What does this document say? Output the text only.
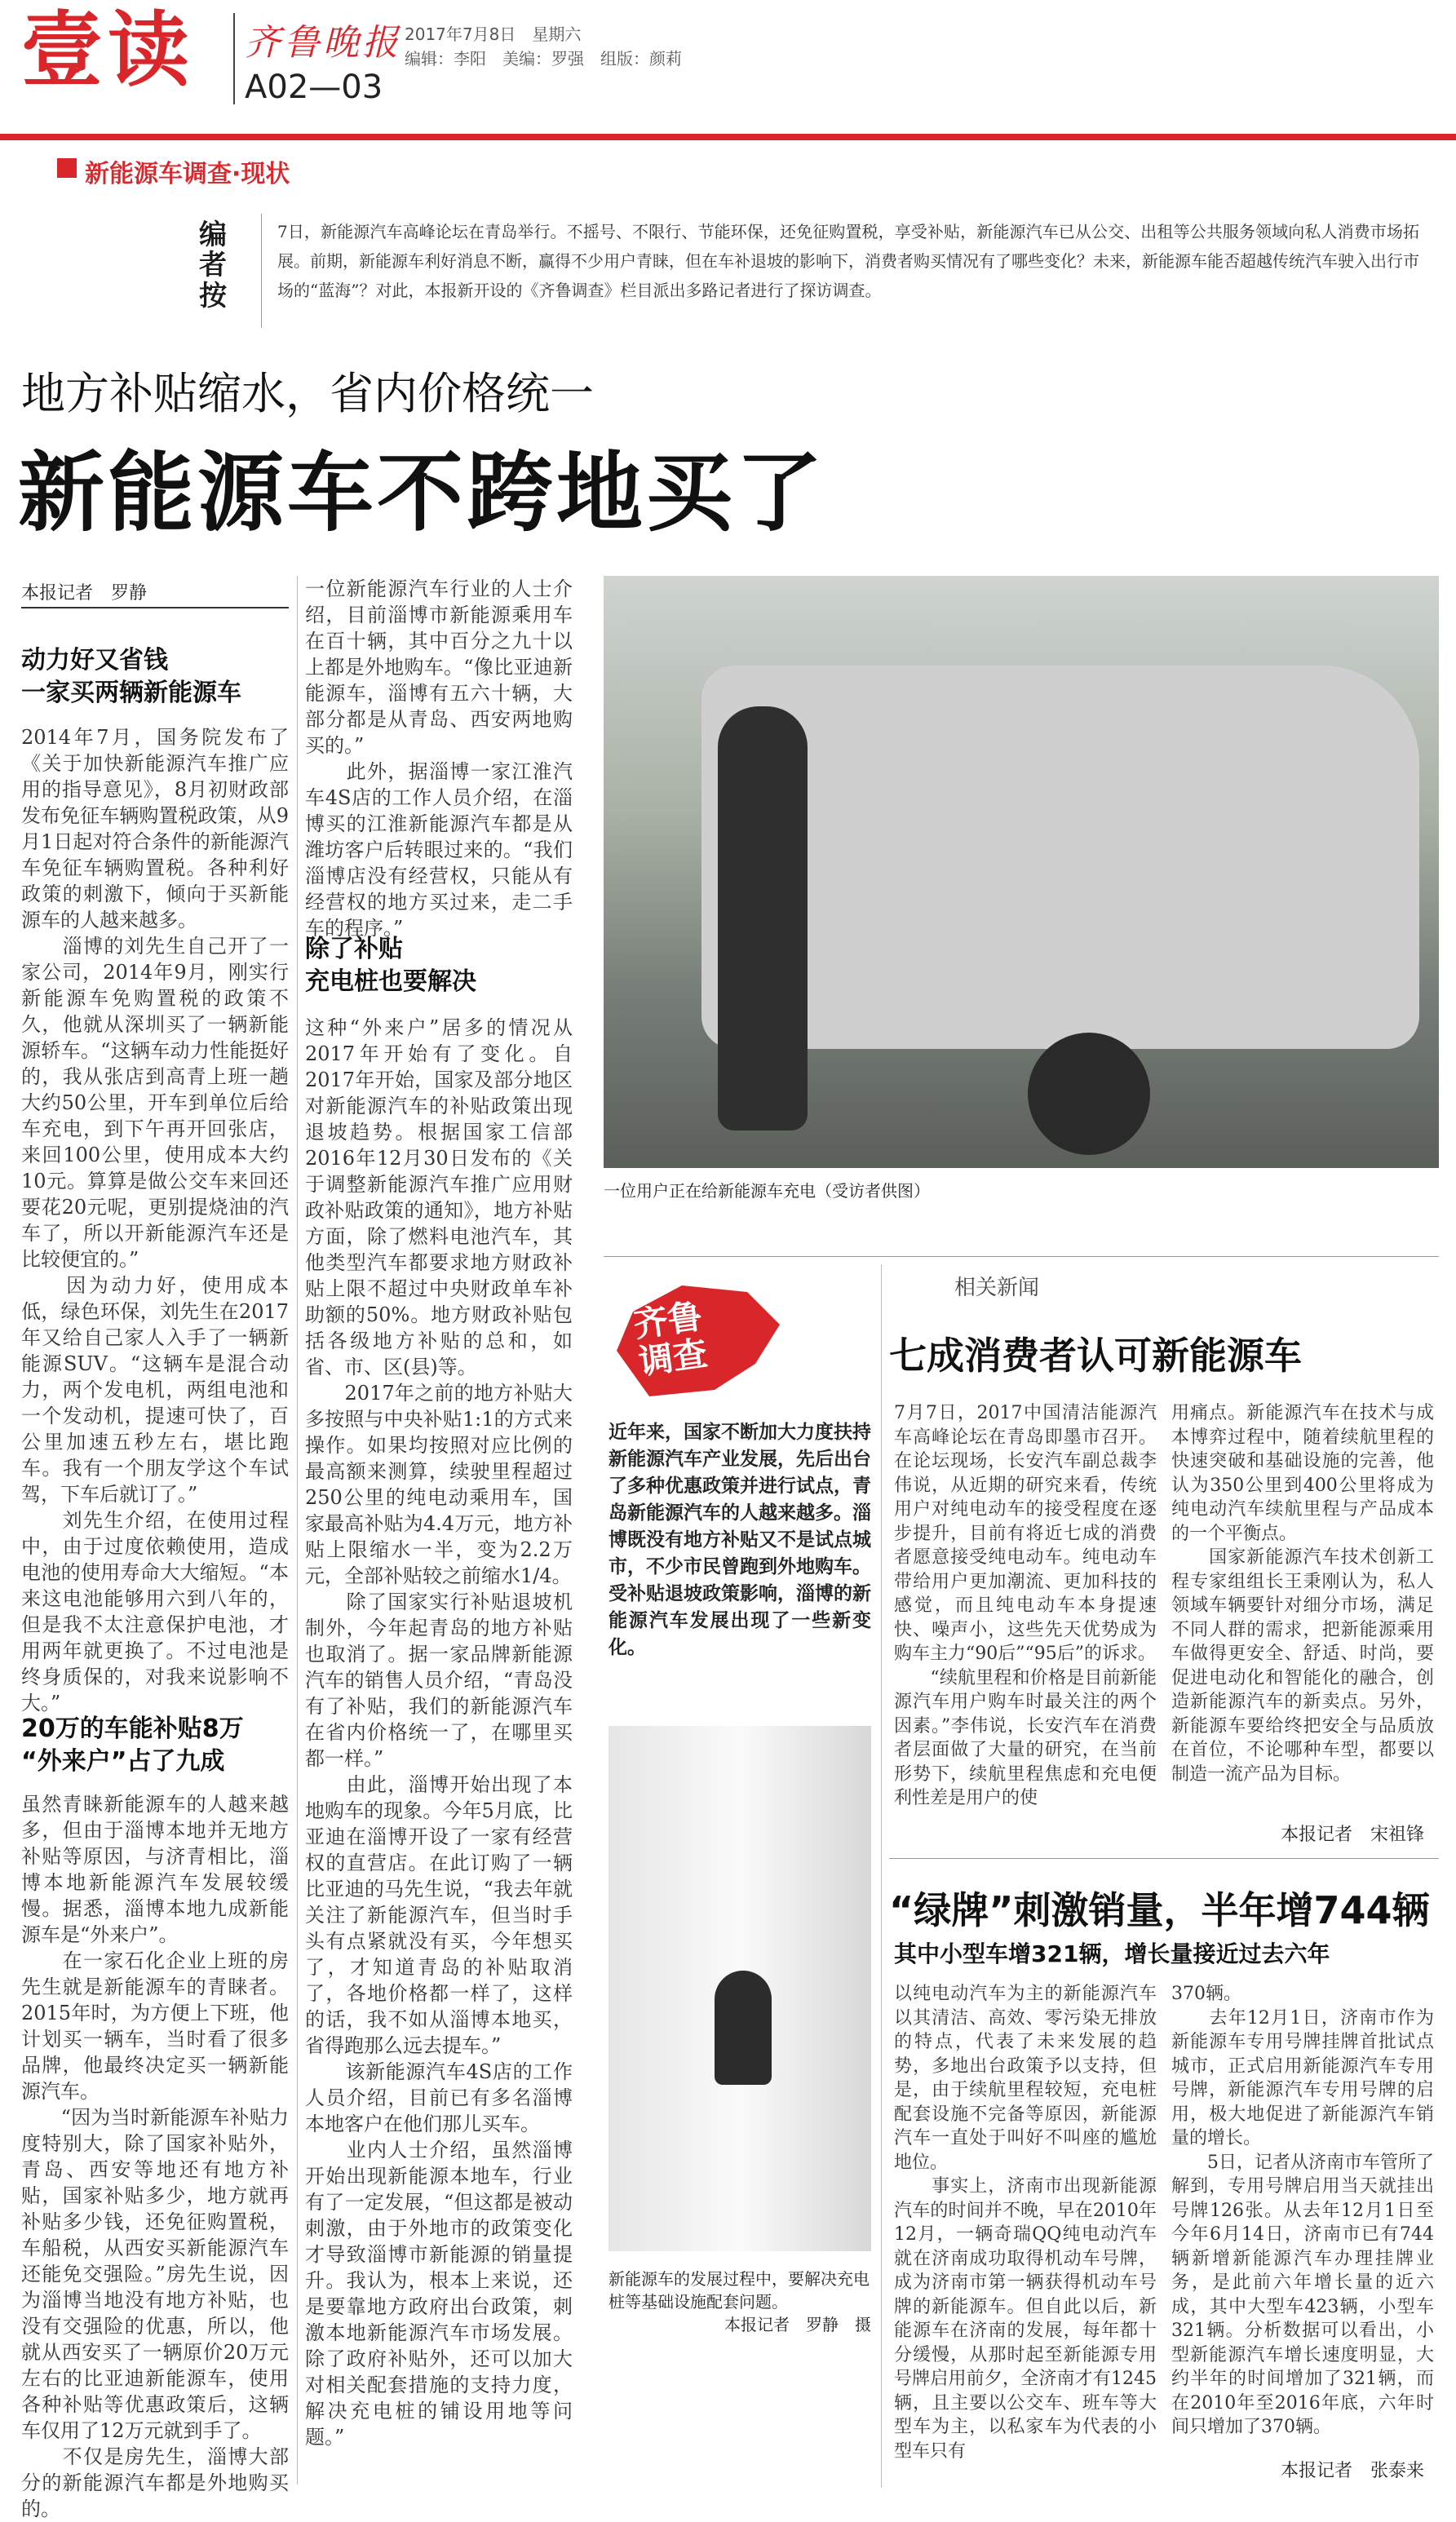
壹读 齐鲁晚报
A02—03
2017年7月8日　星期六
编辑：李阳　美编：罗强　组版：颜莉
新能源车调查·现状
编者按
7日，新能源汽车高峰论坛在青岛举行。不摇号、不限行、节能环保，还免征购置税，享受补贴，新能源汽车已从公交、出租等公共服务领域向私人消费市场拓展。前期，新能源车利好消息不断，赢得不少用户青睐，但在车补退坡的影响下，消费者购买情况有了哪些变化？未来，新能源车能否超越传统汽车驶入出行市场的“蓝海”？对此，本报新开设的《齐鲁调查》栏目派出多路记者进行了探访调查。
地方补贴缩水，省内价格统一
新能源车不跨地买了
本报记者　罗静
动力好又省钱
一家买两辆新能源车
2014年7月，国务院发布了《关于加快新能源汽车推广应用的指导意见》，8月初财政部发布免征车辆购置税政策，从9月1日起对符合条件的新能源汽车免征车辆购置税。各种利好政策的刺激下，倾向于买新能源车的人越来越多。
　　淄博的刘先生自己开了一家公司，2014年9月，刚实行新能源车免购置税的政策不久，他就从深圳买了一辆新能源轿车。“这辆车动力性能挺好的，我从张店到高青上班一趟大约50公里，开车到单位后给车充电，到下午再开回张店，来回100公里，使用成本大约10元。算算是做公交车来回还要花20元呢，更别提烧油的汽车了，所以开新能源汽车还是比较便宜的。”
　　因为动力好，使用成本低，绿色环保，刘先生在2017年又给自己家人入手了一辆新能源SUV。“这辆车是混合动力，两个发电机，两组电池和一个发动机，提速可快了，百公里加速五秒左右，堪比跑车。我有一个朋友学这个车试驾，下车后就订了。”
　　刘先生介绍，在使用过程中，由于过度依赖使用，造成电池的使用寿命大大缩短。“本来这电池能够用六到八年的，但是我不太注意保护电池，才用两年就更换了。不过电池是终身质保的，对我来说影响不大。”
20万的车能补贴8万
“外来户”占了九成
虽然青睐新能源车的人越来越多，但由于淄博本地并无地方补贴等原因，与济青相比，淄博本地新能源汽车发展较缓慢。据悉，淄博本地九成新能源车是“外来户”。
　　在一家石化企业上班的房先生就是新能源车的青睐者。2015年时，为方便上下班，他计划买一辆车，当时看了很多品牌，他最终决定买一辆新能源汽车。
　　“因为当时新能源车补贴力度特别大，除了国家补贴外，青岛、西安等地还有地方补贴，国家补贴多少，地方就再补贴多少钱，还免征购置税，车船税，从西安买新能源汽车还能免交强险。”房先生说，因为淄博当地没有地方补贴，也没有交强险的优惠，所以，他就从西安买了一辆原价20万元左右的比亚迪新能源车，使用各种补贴等优惠政策后，这辆车仅用了12万元就到手了。
　　不仅是房先生，淄博大部分的新能源汽车都是外地购买的。
一位新能源汽车行业的人士介绍，目前淄博市新能源乘用车在百十辆，其中百分之九十以上都是外地购车。“像比亚迪新能源车，淄博有五六十辆，大部分都是从青岛、西安两地购买的。”
　　此外，据淄博一家江淮汽车4S店的工作人员介绍，在淄博买的江淮新能源汽车都是从潍坊客户后转眼过来的。“我们淄博店没有经营权，只能从有经营权的地方买过来，走二手车的程序。”
除了补贴
充电桩也要解决
这种“外来户”居多的情况从2017年开始有了变化。自2017年开始，国家及部分地区对新能源汽车的补贴政策出现退坡趋势。根据国家工信部2016年12月30日发布的《关于调整新能源汽车推广应用财政补贴政策的通知》，地方补贴方面，除了燃料电池汽车，其他类型汽车都要求地方财政补贴上限不超过中央财政单车补助额的50%。地方财政补贴包括各级地方补贴的总和，如省、市、区(县)等。
　　2017年之前的地方补贴大多按照与中央补贴1:1的方式来操作。如果均按照对应比例的最高额来测算，续驶里程超过250公里的纯电动乘用车，国家最高补贴为4.4万元，地方补贴上限缩水一半，变为2.2万元，全部补贴较之前缩水1/4。
　　除了国家实行补贴退坡机制外，今年起青岛的地方补贴也取消了。据一家品牌新能源汽车的销售人员介绍，“青岛没有了补贴，我们的新能源汽车在省内价格统一了，在哪里买都一样。”
　　由此，淄博开始出现了本地购车的现象。今年5月底，比亚迪在淄博开设了一家有经营权的直营店。在此订购了一辆比亚迪的马先生说，“我去年就关注了新能源汽车，但当时手头有点紧就没有买，今年想买了，才知道青岛的补贴取消了，各地价格都一样了，这样的话，我不如从淄博本地买，省得跑那么远去提车。”
　　该新能源汽车4S店的工作人员介绍，目前已有多名淄博本地客户在他们那儿买车。
　　业内人士介绍，虽然淄博开始出现新能源本地车，行业有了一定发展，“但这都是被动刺激，由于外地市的政策变化才导致淄博市新能源的销量提升。我认为，根本上来说，还是要靠地方政府出台政策，刺激本地新能源汽车市场发展。除了政府补贴外，还可以加大对相关配套措施的支持力度，解决充电桩的铺设用地等问题。”
一位用户正在给新能源车充电（受访者供图）
齐鲁
调查
近年来，国家不断加大力度扶持新能源汽车产业发展，先后出台了多种优惠政策并进行试点，青岛新能源汽车的人越来越多。淄博既没有地方补贴又不是试点城市，不少市民曾跑到外地购车。受补贴退坡政策影响，淄博的新能源汽车发展出现了一些新变化。
新能源车的发展过程中，要解决充电桩等基础设施配套问题。
本报记者　罗静　摄
相关新闻
七成消费者认可新能源车
7月7日，2017中国清洁能源汽车高峰论坛在青岛即墨市召开。在论坛现场，长安汽车副总裁李伟说，从近期的研究来看，传统用户对纯电动车的接受程度在逐步提升，目前有将近七成的消费者愿意接受纯电动车。纯电动车带给用户更加潮流、更加科技的感觉，而且纯电动车本身提速快、噪声小，这些先天优势成为购车主力“90后”“95后”的诉求。
　　“续航里程和价格是目前新能源汽车用户购车时最关注的两个因素。”李伟说，长安汽车在消费者层面做了大量的研究，在当前形势下，续航里程焦虑和充电便利性差是用户的使
用痛点。新能源汽车在技术与成本博弈过程中，随着续航里程的快速突破和基础设施的完善，他认为350公里到400公里将成为纯电动汽车续航里程与产品成本的一个平衡点。
　　国家新能源汽车技术创新工程专家组组长王秉刚认为，私人领域车辆要针对细分市场，满足不同人群的需求，把新能源乘用车做得更安全、舒适、时尚，要促进电动化和智能化的融合，创造新能源汽车的新卖点。另外，新能源车要给终把安全与品质放在首位，不论哪种车型，都要以制造一流产品为目标。
本报记者　宋祖锋
“绿牌”刺激销量，半年增744辆
其中小型车增321辆，增长量接近过去六年
以纯电动汽车为主的新能源汽车以其清洁、高效、零污染无排放的特点，代表了未来发展的趋势，多地出台政策予以支持，但是，由于续航里程较短，充电桩配套设施不完备等原因，新能源汽车一直处于叫好不叫座的尴尬地位。
　　事实上，济南市出现新能源汽车的时间并不晚，早在2010年12月，一辆奇瑞QQ纯电动汽车就在济南成功取得机动车号牌，成为济南市第一辆获得机动车号牌的新能源车。但自此以后，新能源车在济南的发展，每年都十分缓慢，从那时起至新能源专用号牌启用前夕，全济南才有1245辆，且主要以公交车、班车等大型车为主，以私家车为代表的小型车只有
370辆。
　　去年12月1日，济南市作为新能源车专用号牌挂牌首批试点城市，正式启用新能源汽车专用号牌，新能源汽车专用号牌的启用，极大地促进了新能源汽车销量的增长。
　　5日，记者从济南市车管所了解到，专用号牌启用当天就挂出号牌126张。从去年12月1日至今年6月14日，济南市已有744辆新增新能源汽车办理挂牌业务，是此前六年增长量的近六成，其中大型车423辆，小型车321辆。分析数据可以看出，小型新能源汽车增长速度明显，大约半年的时间增加了321辆，而在2010年至2016年底，六年时间只增加了370辆。
本报记者　张泰来
